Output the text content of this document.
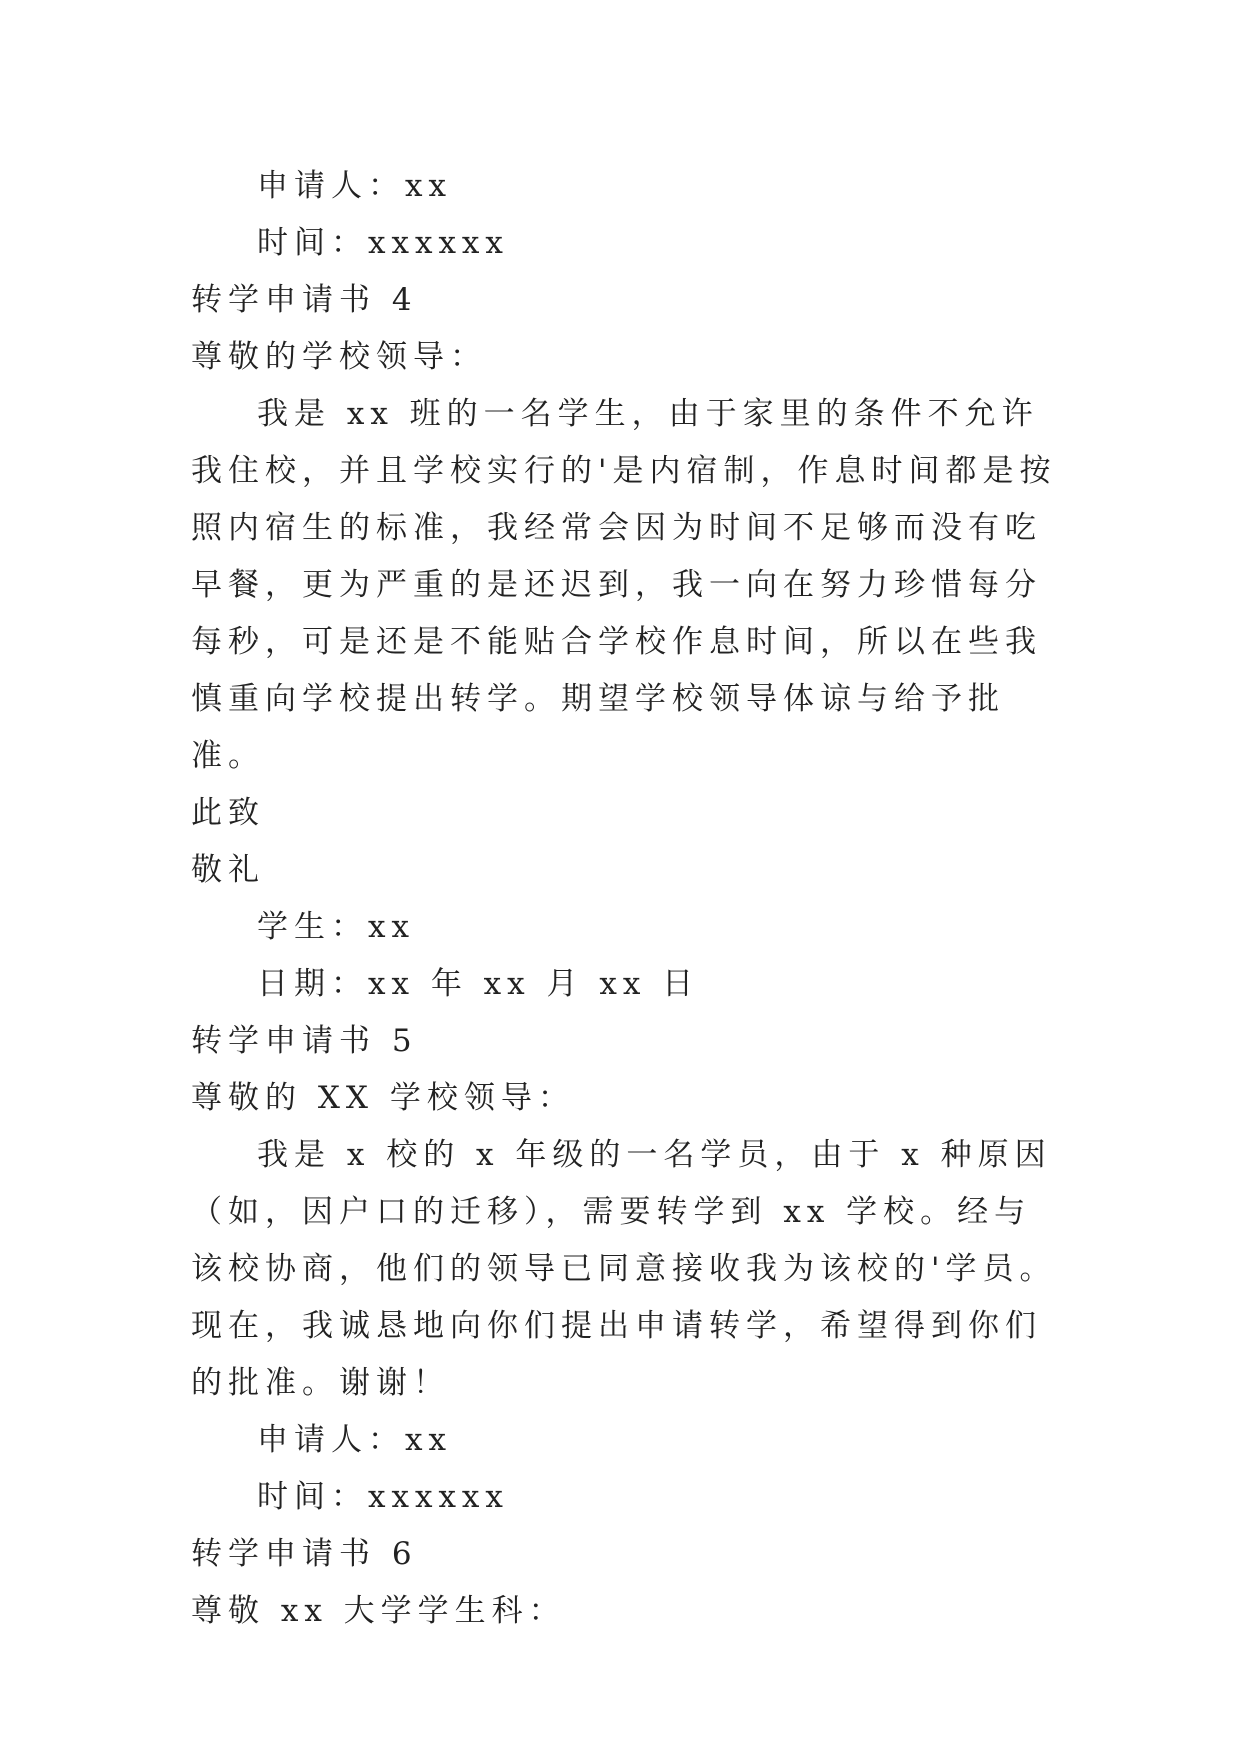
申请人：xx
时间：xxxxxx
转学申请书 4
尊敬的学校领导：

我是 xx 班的一名学生，由于家里的条件不允许我住校，并且学校实行的'是内宿制，作息时间都是按照内宿生的标准，我经常会因为时间不足够而没有吃早餐，更为严重的是还迟到，我一向在努力珍惜每分每秒，可是还是不能贴合学校作息时间，所以在些我慎重向学校提出转学。期望学校领导体谅与给予批准。

此致
敬礼
学生：xx
日期：xx 年 xx 月 xx 日
转学申请书 5
尊敬的 XX 学校领导：

我是 x 校的 x 年级的一名学员，由于 x 种原因（如，因户口的迁移），需要转学到 xx 学校。经与该校协商，他们的领导已同意接收我为该校的'学员。现在，我诚恳地向你们提出申请转学，希望得到你们的批准。谢谢！

申请人：xx
时间：xxxxxx
转学申请书 6
尊敬 xx 大学学生科：
